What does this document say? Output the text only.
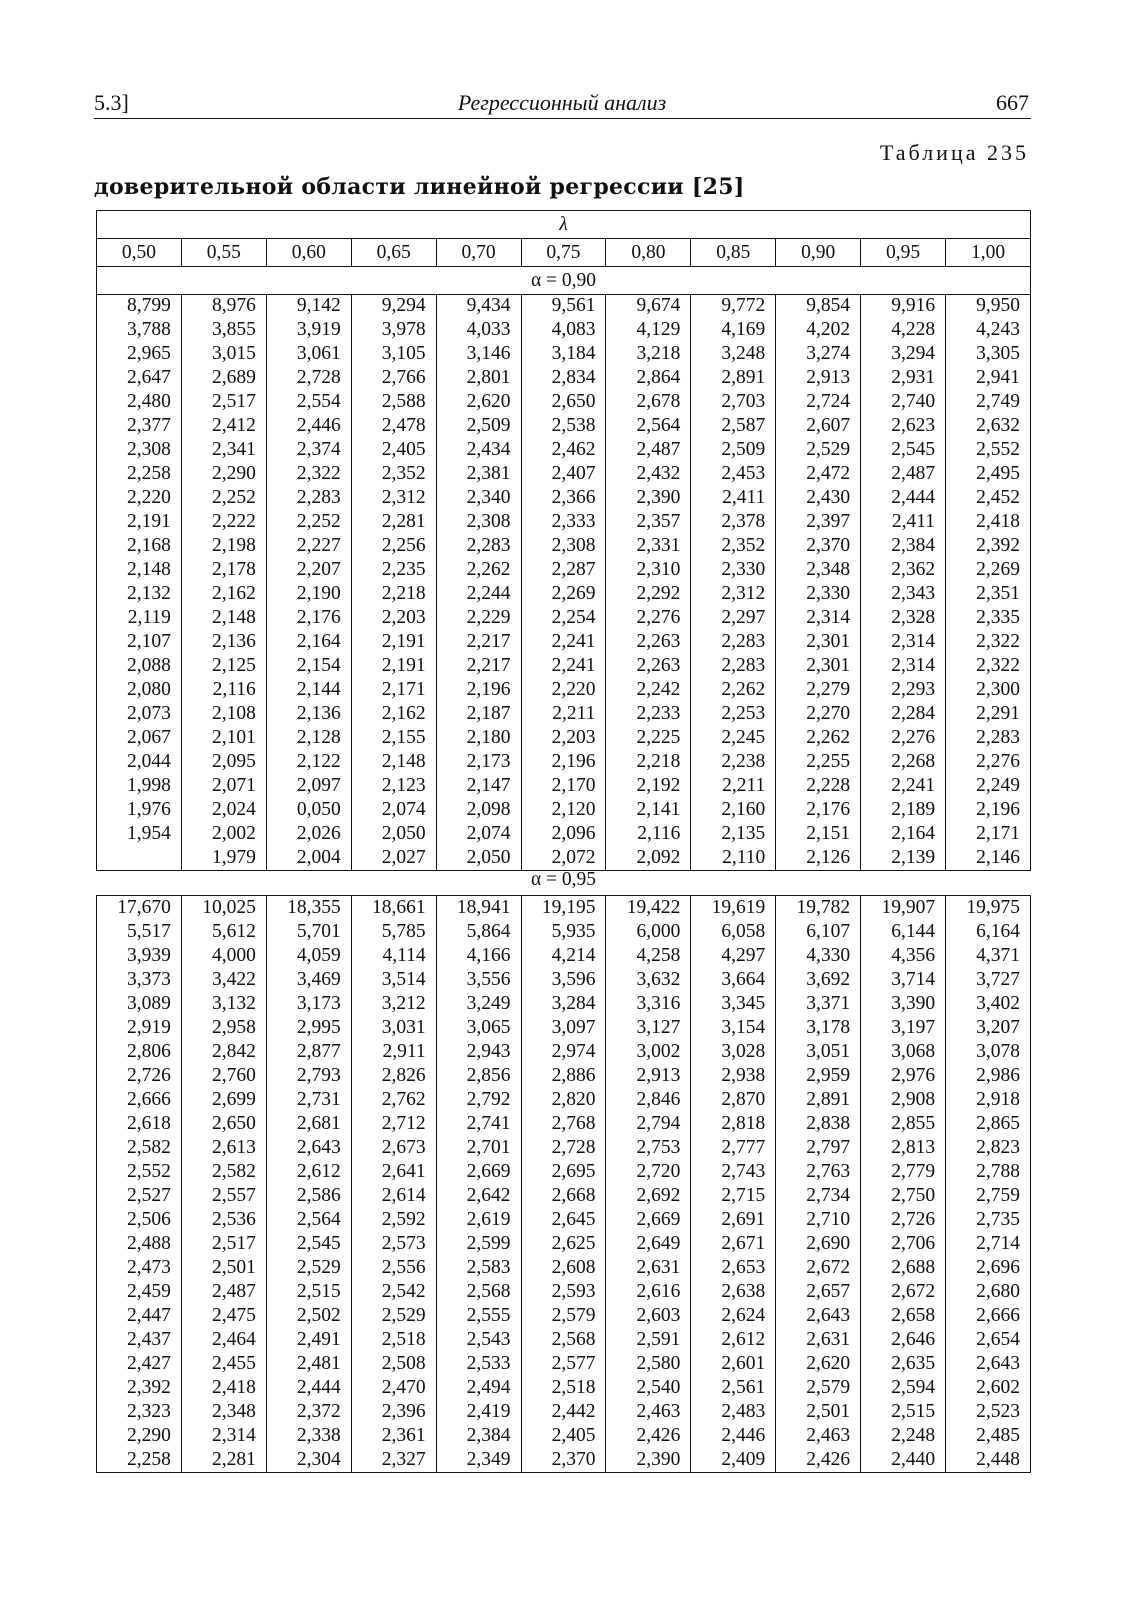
5.3]	Регрессионный анализ	667
Таблица 235
доверительной области линейной регрессии [25]
λ
0,50	0,55	0,60	0,65	0,70	0,75	0,80	0,85	0,90	0,95	1,00
α = 0,90
8,799	8,976	9,142	9,294	9,434	9,561	9,674	9,772	9,854	9,916	9,950
3,788	3,855	3,919	3,978	4,033	4,083	4,129	4,169	4,202	4,228	4,243
2,965	3,015	3,061	3,105	3,146	3,184	3,218	3,248	3,274	3,294	3,305
2,647	2,689	2,728	2,766	2,801	2,834	2,864	2,891	2,913	2,931	2,941
2,480	2,517	2,554	2,588	2,620	2,650	2,678	2,703	2,724	2,740	2,749
2,377	2,412	2,446	2,478	2,509	2,538	2,564	2,587	2,607	2,623	2,632
2,308	2,341	2,374	2,405	2,434	2,462	2,487	2,509	2,529	2,545	2,552
2,258	2,290	2,322	2,352	2,381	2,407	2,432	2,453	2,472	2,487	2,495
2,220	2,252	2,283	2,312	2,340	2,366	2,390	2,411	2,430	2,444	2,452
2,191	2,222	2,252	2,281	2,308	2,333	2,357	2,378	2,397	2,411	2,418
2,168	2,198	2,227	2,256	2,283	2,308	2,331	2,352	2,370	2,384	2,392
2,148	2,178	2,207	2,235	2,262	2,287	2,310	2,330	2,348	2,362	2,269
2,132	2,162	2,190	2,218	2,244	2,269	2,292	2,312	2,330	2,343	2,351
2,119	2,148	2,176	2,203	2,229	2,254	2,276	2,297	2,314	2,328	2,335
2,107	2,136	2,164	2,191	2,217	2,241	2,263	2,283	2,301	2,314	2,322
2,088	2,125	2,154	2,191	2,217	2,241	2,263	2,283	2,301	2,314	2,322
2,080	2,116	2,144	2,171	2,196	2,220	2,242	2,262	2,279	2,293	2,300
2,073	2,108	2,136	2,162	2,187	2,211	2,233	2,253	2,270	2,284	2,291
2,067	2,101	2,128	2,155	2,180	2,203	2,225	2,245	2,262	2,276	2,283
2,044	2,095	2,122	2,148	2,173	2,196	2,218	2,238	2,255	2,268	2,276
1,998	2,071	2,097	2,123	2,147	2,170	2,192	2,211	2,228	2,241	2,249
1,976	2,024	0,050	2,074	2,098	2,120	2,141	2,160	2,176	2,189	2,196
1,954	2,002	2,026	2,050	2,074	2,096	2,116	2,135	2,151	2,164	2,171
	1,979	2,004	2,027	2,050	2,072	2,092	2,110	2,126	2,139	2,146
α = 0,95
17,670	10,025	18,355	18,661	18,941	19,195	19,422	19,619	19,782	19,907	19,975
5,517	5,612	5,701	5,785	5,864	5,935	6,000	6,058	6,107	6,144	6,164
3,939	4,000	4,059	4,114	4,166	4,214	4,258	4,297	4,330	4,356	4,371
3,373	3,422	3,469	3,514	3,556	3,596	3,632	3,664	3,692	3,714	3,727
3,089	3,132	3,173	3,212	3,249	3,284	3,316	3,345	3,371	3,390	3,402
2,919	2,958	2,995	3,031	3,065	3,097	3,127	3,154	3,178	3,197	3,207
2,806	2,842	2,877	2,911	2,943	2,974	3,002	3,028	3,051	3,068	3,078
2,726	2,760	2,793	2,826	2,856	2,886	2,913	2,938	2,959	2,976	2,986
2,666	2,699	2,731	2,762	2,792	2,820	2,846	2,870	2,891	2,908	2,918
2,618	2,650	2,681	2,712	2,741	2,768	2,794	2,818	2,838	2,855	2,865
2,582	2,613	2,643	2,673	2,701	2,728	2,753	2,777	2,797	2,813	2,823
2,552	2,582	2,612	2,641	2,669	2,695	2,720	2,743	2,763	2,779	2,788
2,527	2,557	2,586	2,614	2,642	2,668	2,692	2,715	2,734	2,750	2,759
2,506	2,536	2,564	2,592	2,619	2,645	2,669	2,691	2,710	2,726	2,735
2,488	2,517	2,545	2,573	2,599	2,625	2,649	2,671	2,690	2,706	2,714
2,473	2,501	2,529	2,556	2,583	2,608	2,631	2,653	2,672	2,688	2,696
2,459	2,487	2,515	2,542	2,568	2,593	2,616	2,638	2,657	2,672	2,680
2,447	2,475	2,502	2,529	2,555	2,579	2,603	2,624	2,643	2,658	2,666
2,437	2,464	2,491	2,518	2,543	2,568	2,591	2,612	2,631	2,646	2,654
2,427	2,455	2,481	2,508	2,533	2,577	2,580	2,601	2,620	2,635	2,643
2,392	2,418	2,444	2,470	2,494	2,518	2,540	2,561	2,579	2,594	2,602
2,323	2,348	2,372	2,396	2,419	2,442	2,463	2,483	2,501	2,515	2,523
2,290	2,314	2,338	2,361	2,384	2,405	2,426	2,446	2,463	2,248	2,485
2,258	2,281	2,304	2,327	2,349	2,370	2,390	2,409	2,426	2,440	2,448
